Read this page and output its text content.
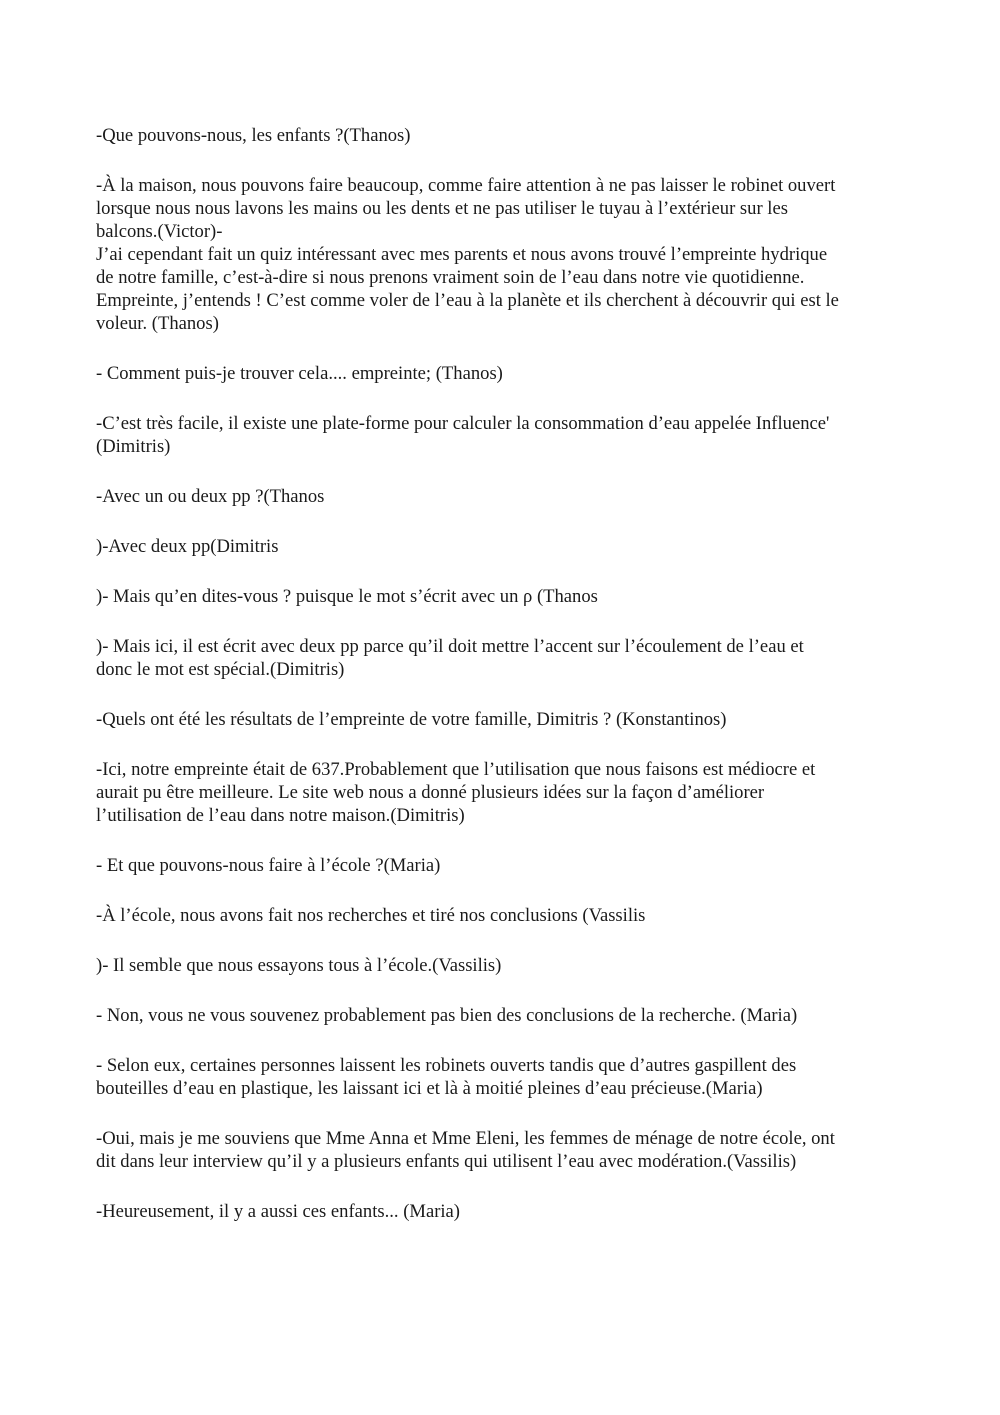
-Que pouvons-nous, les enfants ?(Thanos)

-À la maison, nous pouvons faire beaucoup, comme faire attention à ne pas laisser le robinet ouvert
lorsque nous nous lavons les mains ou les dents et ne pas utiliser le tuyau à l’extérieur sur les
balcons.(Victor)-
J’ai cependant fait un quiz intéressant avec mes parents et nous avons trouvé l’empreinte hydrique
de notre famille, c’est-à-dire si nous prenons vraiment soin de l’eau dans notre vie quotidienne.
Empreinte, j’entends ! C’est comme voler de l’eau à la planète et ils cherchent à découvrir qui est le
voleur. (Thanos)

- Comment puis-je trouver cela.... empreinte; (Thanos)

-C’est très facile, il existe une plate-forme pour calculer la consommation d’eau appelée Influence'
(Dimitris)

-Avec un ou deux pp ?(Thanos

)-Avec deux pp(Dimitris

)- Mais qu’en dites-vous ? puisque le mot s’écrit avec un ρ (Thanos

)- Mais ici, il est écrit avec deux pp parce qu’il doit mettre l’accent sur l’écoulement de l’eau et
donc le mot est spécial.(Dimitris)

-Quels ont été les résultats de l’empreinte de votre famille, Dimitris ? (Konstantinos)

-Ici, notre empreinte était de 637.Probablement que l’utilisation que nous faisons est médiocre et
aurait pu être meilleure. Le site web nous a donné plusieurs idées sur la façon d’améliorer
l’utilisation de l’eau dans notre maison.(Dimitris)

- Et que pouvons-nous faire à l’école ?(Maria)

-À l’école, nous avons fait nos recherches et tiré nos conclusions (Vassilis

)- Il semble que nous essayons tous à l’école.(Vassilis)

- Non, vous ne vous souvenez probablement pas bien des conclusions de la recherche. (Maria)

- Selon eux, certaines personnes laissent les robinets ouverts tandis que d’autres gaspillent des
bouteilles d’eau en plastique, les laissant ici et là à moitié pleines d’eau précieuse.(Maria)

-Oui, mais je me souviens que Mme Anna et Mme Eleni, les femmes de ménage de notre école, ont
dit dans leur interview qu’il y a plusieurs enfants qui utilisent l’eau avec modération.(Vassilis)

-Heureusement, il y a aussi ces enfants... (Maria)
